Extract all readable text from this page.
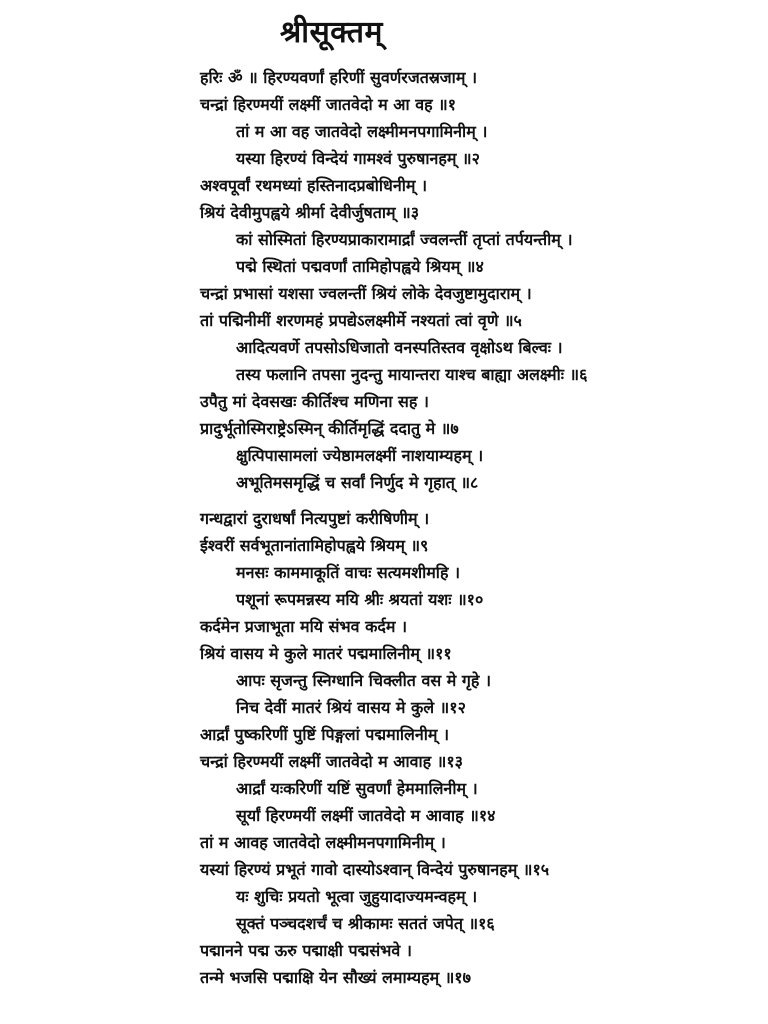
श्रीसूक्तम्
हरिः ॐ ॥ हिरण्यवर्णां हरिणीं सुवर्णरजतस्रजाम् ।
चन्द्रां हिरण्मयीं लक्ष्मीं जातवेदो म आ वह ॥१
तां म आ वह जातवेदो लक्ष्मीमनपगामिनीम् ।
यस्या हिरण्यं विन्देयं गामश्वं पुरुषानहम् ॥२
अश्वपूर्वां रथमध्यां हस्तिनादप्रबोधिनीम् ।
श्रियं देवीमुपह्वये श्रीर्मा देवीर्जुषताम् ॥३
कां सोस्मितां हिरण्यप्राकारामार्द्रां ज्वलन्तीं तृप्तां तर्पयन्तीम् ।
पद्मे स्थितां पद्मवर्णां तामिहोपह्वये श्रियम् ॥४
चन्द्रां प्रभासां यशसा ज्वलन्तीं श्रियं लोके देवजुष्टामुदाराम् ।
तां पद्मिनीमीं शरणमहं प्रपद्येऽलक्ष्मीर्मे नश्यतां त्वां वृणे ॥५
आदित्यवर्णे तपसोऽधिजातो वनस्पतिस्तव वृक्षोऽथ बिल्वः ।
तस्य फलानि तपसा नुदन्तु मायान्तरा याश्च बाह्या अलक्ष्मीः ॥६
उपैतु मां देवसखः कीर्तिश्च मणिना सह ।
प्रादुर्भूतोस्मिराष्ट्रेऽस्मिन् कीर्तिमृद्धिं ददातु मे ॥७
क्षुत्पिपासामलां ज्येष्ठामलक्ष्मीं नाशयाम्यहम् ।
अभूतिमसमृद्धिं च सर्वां निर्णुद मे गृहात् ॥८
गन्धद्वारां दुराधर्षां नित्यपुष्टां करीषिणीम् ।
ईश्वरीं सर्वभूतानांतामिहोपह्वये श्रियम् ॥९
मनसः काममाकूतिं वाचः सत्यमशीमहि ।
पशूनां रूपमन्नस्य मयि श्रीः श्रयतां यशः ॥१०
कर्दमेन प्रजाभूता मयि संभव कर्दम ।
श्रियं वासय मे कुले मातरं पद्ममालिनीम् ॥११
आपः सृजन्तु स्निग्धानि चिक्लीत वस मे गृहे ।
निच देवीं मातरं श्रियं वासय मे कुले ॥१२
आर्द्रां पुष्करिणीं पुष्टिं पिङ्गलां पद्ममालिनीम् ।
चन्द्रां हिरण्मयीं लक्ष्मीं जातवेदो म आवाह ॥१३
आर्द्रां यःकरिणीं यष्टिं सुवर्णां हेममालिनीम् ।
सूर्यां हिरण्मयीं लक्ष्मीं जातवेदो म आवाह ॥१४
तां म आवह जातवेदो लक्ष्मीमनपगामिनीम् ।
यस्यां हिरण्यं प्रभूतं गावो दास्योऽश्वान् विन्देयं पुरुषानहम् ॥१५
यः शुचिः प्रयतो भूत्वा जुहुयादाज्यमन्वहम् ।
सूक्तं पञ्चदशर्चं च श्रीकामः सततं जपेत् ॥१६
पद्मानने पद्म ऊरु पद्माक्षी पद्मसंभवे ।
तन्मे भजसि पद्माक्षि येन सौख्यं लमाम्यहम् ॥१७
